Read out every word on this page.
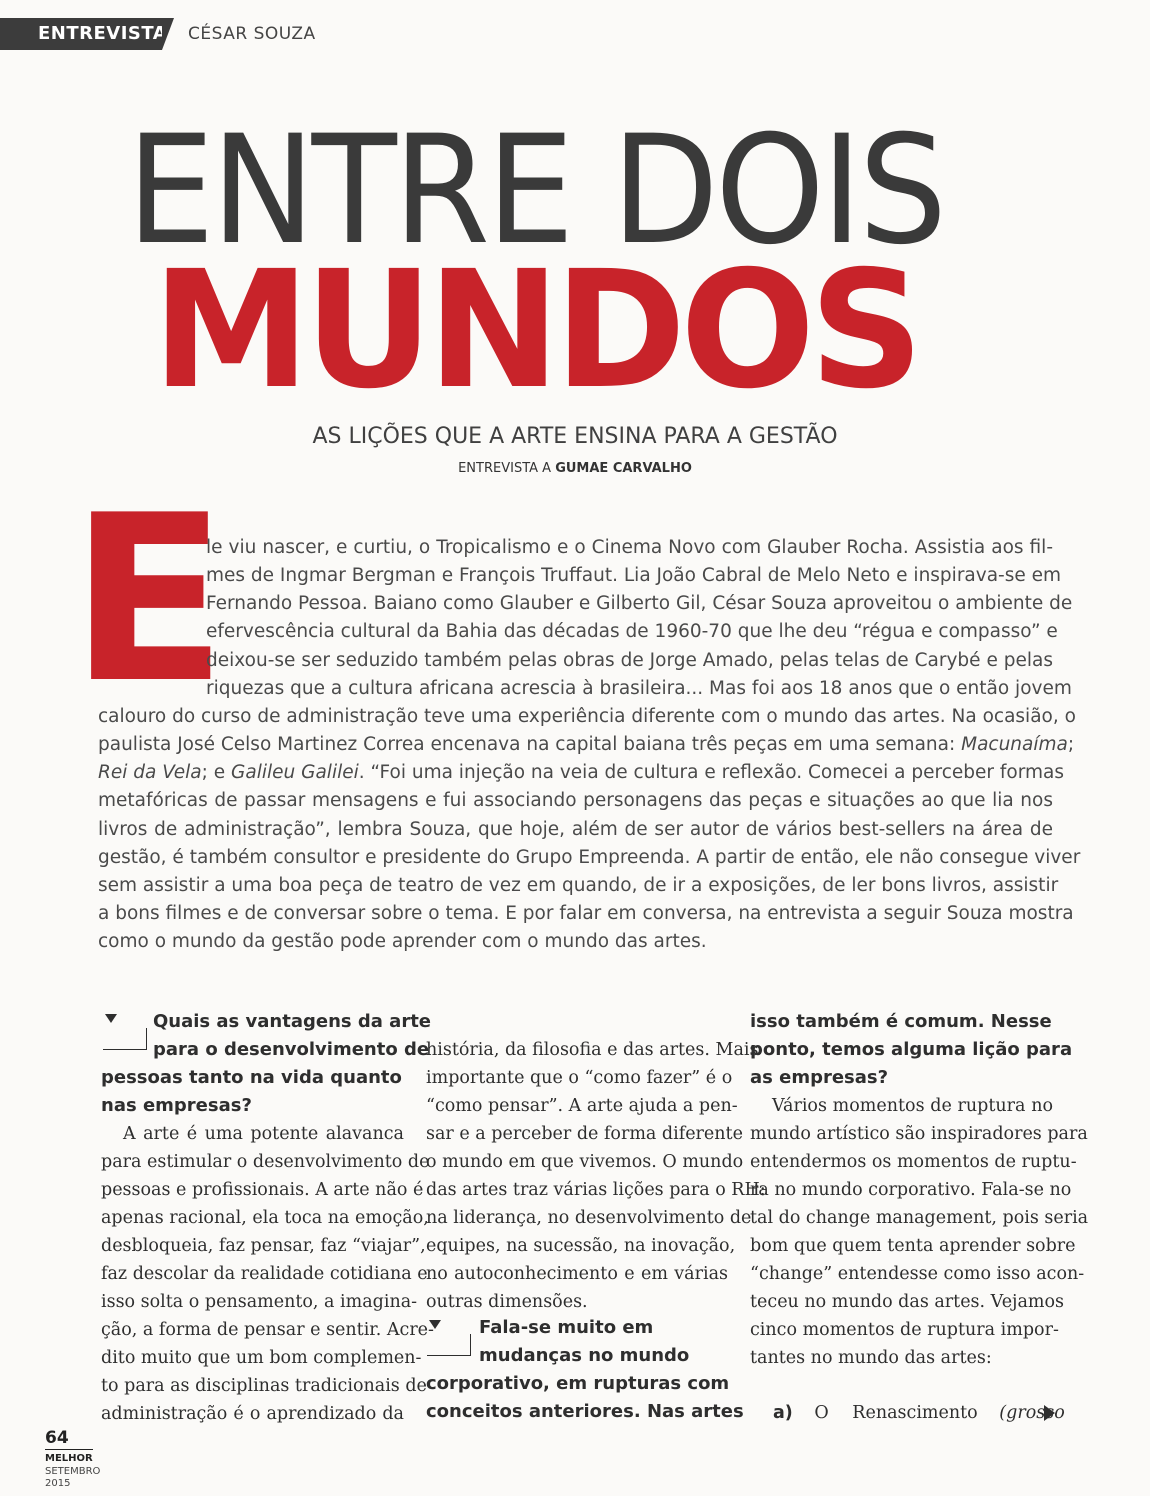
ENTREVISTA CÉSAR SOUZA
ENTRE DOIS
MUNDOS
AS LIÇÕES QUE A ARTE ENSINA PARA A GESTÃO
ENTREVISTA A GUMAE CARVALHO
E
le viu nascer, e curtiu, o Tropicalismo e o Cinema Novo com Glauber Rocha. Assistia aos fil-
mes de Ingmar Bergman e François Truffaut. Lia João Cabral de Melo Neto e inspirava-se em
Fernando Pessoa. Baiano como Glauber e Gilberto Gil, César Souza aproveitou o ambiente de
efervescência cultural da Bahia das décadas de 1960-70 que lhe deu “régua e compasso” e
deixou-se ser seduzido também pelas obras de Jorge Amado, pelas telas de Carybé e pelas
riquezas que a cultura africana acrescia à brasileira... Mas foi aos 18 anos que o então jovem
calouro do curso de administração teve uma experiência diferente com o mundo das artes. Na ocasião, o
paulista José Celso Martinez Correa encenava na capital baiana três peças em uma semana: Macunaíma;
Rei da Vela; e Galileu Galilei. “Foi uma injeção na veia de cultura e reflexão. Comecei a perceber formas
metafóricas de passar mensagens e fui associando personagens das peças e situações ao que lia nos
livros de administração”, lembra Souza, que hoje, além de ser autor de vários best-sellers na área de
gestão, é também consultor e presidente do Grupo Empreenda. A partir de então, ele não consegue viver
sem assistir a uma boa peça de teatro de vez em quando, de ir a exposições, de ler bons livros, assistir
a bons filmes e de conversar sobre o tema. E por falar em conversa, na entrevista a seguir Souza mostra
como o mundo da gestão pode aprender com o mundo das artes.
Quais as vantagens da arte
para o desenvolvimento de
pessoas tanto na vida quanto
nas empresas?
A arte é uma potente alavanca
para estimular o desenvolvimento de
pessoas e profissionais. A arte não é
apenas racional, ela toca na emoção,
desbloqueia, faz pensar, faz “viajar”,
faz descolar da realidade cotidiana e
isso solta o pensamento, a imagina-
ção, a forma de pensar e sentir. Acre-
dito muito que um bom complemen-
to para as disciplinas tradicionais de
administração é o aprendizado da
história, da filosofia e das artes. Mais
importante que o “como fazer” é o
“como pensar”. A arte ajuda a pen-
sar e a perceber de forma diferente
o mundo em que vivemos. O mundo
das artes traz várias lições para o RH:
na liderança, no desenvolvimento de
equipes, na sucessão, na inovação,
no autoconhecimento e em várias
outras dimensões.
Fala-se muito em
mudanças no mundo
corporativo, em rupturas com
conceitos anteriores. Nas artes
isso também é comum. Nesse
ponto, temos alguma lição para
as empresas?
Vários momentos de ruptura no
mundo artístico são inspiradores para
entendermos os momentos de ruptu-
ra no mundo corporativo. Fala-se no
tal do change management, pois seria
bom que quem tenta aprender sobre
“change” entendesse como isso acon-
teceu no mundo das artes. Vejamos
cinco momentos de ruptura impor-
tantes no mundo das artes:
a) O Renascimento (grosso
64
MELHOR
SETEMBRO
2015
